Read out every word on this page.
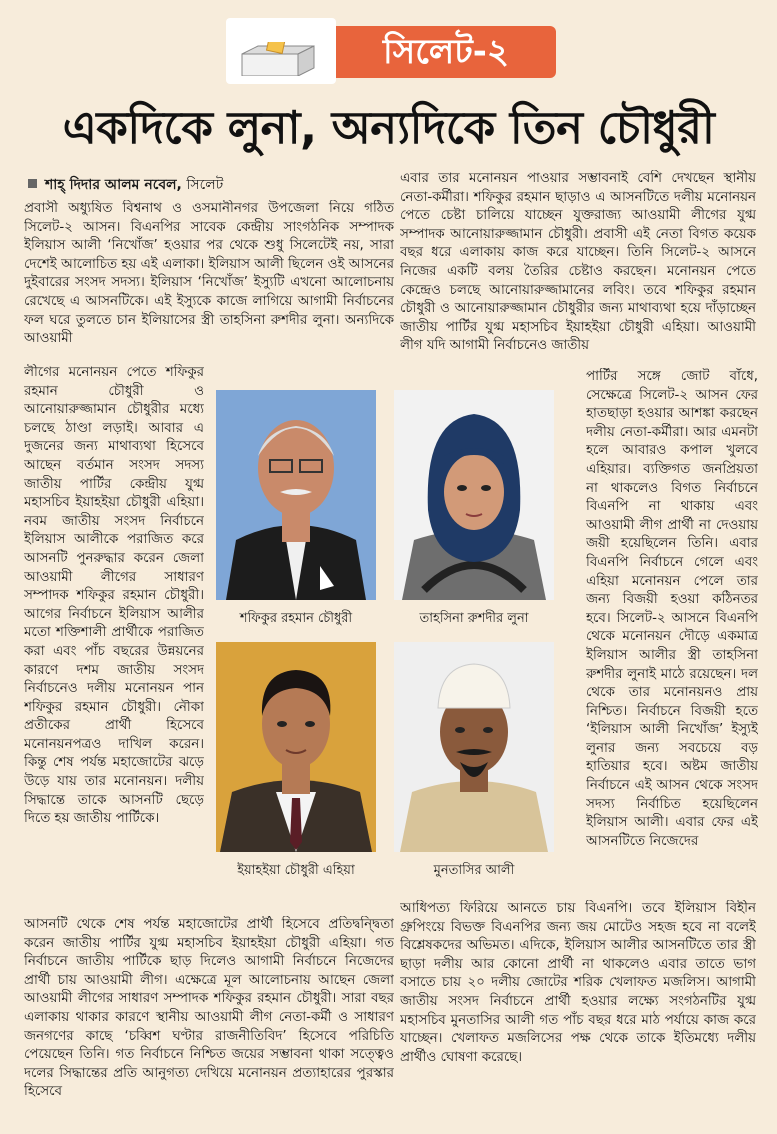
সিলেট-২
একদিকে লুনা, অন্যদিকে তিন চৌধুরী
শাহ্ দিদার আলম নবেল, সিলেট

প্রবাসী অধ্যুষিত বিশ্বনাথ ও ওসমানীনগর উপজেলা নিয়ে গঠিত সিলেট-২ আসন। বিএনপির সাবেক কেন্দ্রীয় সাংগঠনিক সম্পাদক ইলিয়াস আলী ‘নিখোঁজ’ হওয়ার পর থেকে শুধু সিলেটেই নয়, সারা দেশেই আলোচিত হয় এই এলাকা। ইলিয়াস আলী ছিলেন ওই আসনের দুইবারের সংসদ সদস্য। ইলিয়াস ‘নিখোঁজ’ ইস্যুটি এখনো আলোচনায় রেখেছে এ আসনটিকে। এই ইস্যুকে কাজে লাগিয়ে আগামী নির্বাচনের ফল ঘরে তুলতে চান ইলিয়াসের স্ত্রী তাহসিনা রুশদীর লুনা। অন্যদিকে আওয়ামী

লীগের মনোনয়ন পেতে শফিকুর রহমান চৌধুরী ও আনোয়ারুজ্জামান চৌধুরীর মধ্যে চলছে ঠাণ্ডা লড়াই। আবার এ দুজনের জন্য মাথাব্যথা হিসেবে আছেন বর্তমান সংসদ সদস্য জাতীয় পার্টির কেন্দ্রীয় যুগ্ম মহাসচিব ইয়াহইয়া চৌধুরী এহিয়া। নবম জাতীয় সংসদ নির্বাচনে ইলিয়াস আলীকে পরাজিত করে আসনটি পুনরুদ্ধার করেন জেলা আওয়ামী লীগের সাধারণ সম্পাদক শফিকুর রহমান চৌধুরী। আগের নির্বাচনে ইলিয়াস আলীর মতো শক্তিশালী প্রার্থীকে পরাজিত করা এবং পাঁচ বছরের উন্নয়নের কারণে দশম জাতীয় সংসদ নির্বাচনেও দলীয় মনোনয়ন পান শফিকুর রহমান চৌধুরী। নৌকা প্রতীকের প্রার্থী হিসেবে মনোনয়নপত্রও দাখিল করেন। কিন্তু শেষ পর্যন্ত মহাজোটের ঝড়ে উড়ে যায় তার মনোনয়ন। দলীয় সিদ্ধান্তে তাকে আসনটি ছেড়ে দিতে হয় জাতীয় পার্টিকে।

আসনটি থেকে শেষ পর্যন্ত মহাজোটের প্রার্থী হিসেবে প্রতিদ্বন্দ্বিতা করেন জাতীয় পার্টির যুগ্ম মহাসচিব ইয়াহইয়া চৌধুরী এহিয়া। গত নির্বাচনে জাতীয় পার্টিকে ছাড় দিলেও আগামী নির্বাচনে নিজেদের প্রার্থী চায় আওয়ামী লীগ। এক্ষেত্রে মূল আলোচনায় আছেন জেলা আওয়ামী লীগের সাধারণ সম্পাদক শফিকুর রহমান চৌধুরী। সারা বছর এলাকায় থাকার কারণে স্থানীয় আওয়ামী লীগ নেতা-কর্মী ও সাধারণ জনগণের কাছে ‘চব্বিশ ঘণ্টার রাজনীতিবিদ’ হিসেবে পরিচিতি পেয়েছেন তিনি। গত নির্বাচনে নিশ্চিত জয়ের সম্ভাবনা থাকা সত্ত্বেও দলের সিদ্ধান্তের প্রতি আনুগত্য দেখিয়ে মনোনয়ন প্রত্যাহারের পুরস্কার হিসেবে

এবার তার মনোনয়ন পাওয়ার সম্ভাবনাই বেশি দেখছেন স্থানীয় নেতা-কর্মীরা। শফিকুর রহমান ছাড়াও এ আসনটিতে দলীয় মনোনয়ন পেতে চেষ্টা চালিয়ে যাচ্ছেন যুক্তরাজ্য আওয়ামী লীগের যুগ্ম সম্পাদক আনোয়ারুজ্জামান চৌধুরী। প্রবাসী এই নেতা বিগত কয়েক বছর ধরে এলাকায় কাজ করে যাচ্ছেন। তিনি সিলেট-২ আসনে নিজের একটি বলয় তৈরির চেষ্টাও করছেন। মনোনয়ন পেতে কেন্দ্রেও চলছে আনোয়ারুজ্জামানের লবিং। তবে শফিকুর রহমান চৌধুরী ও আনোয়ারুজ্জামান চৌধুরীর জন্য মাথাব্যথা হয়ে দাঁড়াচ্ছেন জাতীয় পার্টির যুগ্ম মহাসচিব ইয়াহইয়া চৌধুরী এহিয়া। আওয়ামী লীগ যদি আগামী নির্বাচনেও জাতীয়

পার্টির সঙ্গে জোট বাঁধে, সেক্ষেত্রে সিলেট-২ আসন ফের হাতছাড়া হওয়ার আশঙ্কা করছেন দলীয় নেতা-কর্মীরা। আর এমনটা হলে আবারও কপাল খুলবে এহিয়ার। ব্যক্তিগত জনপ্রিয়তা না থাকলেও বিগত নির্বাচনে বিএনপি না থাকায় এবং আওয়ামী লীগ প্রার্থী না দেওয়ায় জয়ী হয়েছিলেন তিনি। এবার বিএনপি নির্বাচনে গেলে এবং এহিয়া মনোনয়ন পেলে তার জন্য বিজয়ী হওয়া কঠিনতর হবে। সিলেট-২ আসনে বিএনপি থেকে মনোনয়ন দৌড়ে একমাত্র ইলিয়াস আলীর স্ত্রী তাহসিনা রুশদীর লুনাই মাঠে রয়েছেন। দল থেকে তার মনোনয়নও প্রায় নিশ্চিত। নির্বাচনে বিজয়ী হতে ‘ইলিয়াস আলী নিখোঁজ’ ইস্যুই লুনার জন্য সবচেয়ে বড় হাতিয়ার হবে। অষ্টম জাতীয় নির্বাচনে এই আসন থেকে সংসদ সদস্য নির্বাচিত হয়েছিলেন ইলিয়াস আলী। এবার ফের এই আসনটিতে নিজেদের

আধিপত্য ফিরিয়ে আনতে চায় বিএনপি। তবে ইলিয়াস বিহীন গ্রুপিংয়ে বিভক্ত বিএনপির জন্য জয় মোটেও সহজ হবে না বলেই বিশ্লেষকদের অভিমত। এদিকে, ইলিয়াস আলীর আসনটিতে তার স্ত্রী ছাড়া দলীয় আর কোনো প্রার্থী না থাকলেও এবার তাতে ভাগ বসাতে চায় ২০ দলীয় জোটের শরিক খেলাফত মজলিস। আগামী জাতীয় সংসদ নির্বাচনে প্রার্থী হওয়ার লক্ষ্যে সংগঠনটির যুগ্ম মহাসচিব মুনতাসির আলী গত পাঁচ বছর ধরে মাঠ পর্যায়ে কাজ করে যাচ্ছেন। খেলাফত মজলিসের পক্ষ থেকে তাকে ইতিমধ্যে দলীয় প্রার্থীও ঘোষণা করেছে।

শফিকুর রহমান চৌধুরী	তাহসিনা রুশদীর লুনা
ইয়াহইয়া চৌধুরী এহিয়া	মুনতাসির আলী
